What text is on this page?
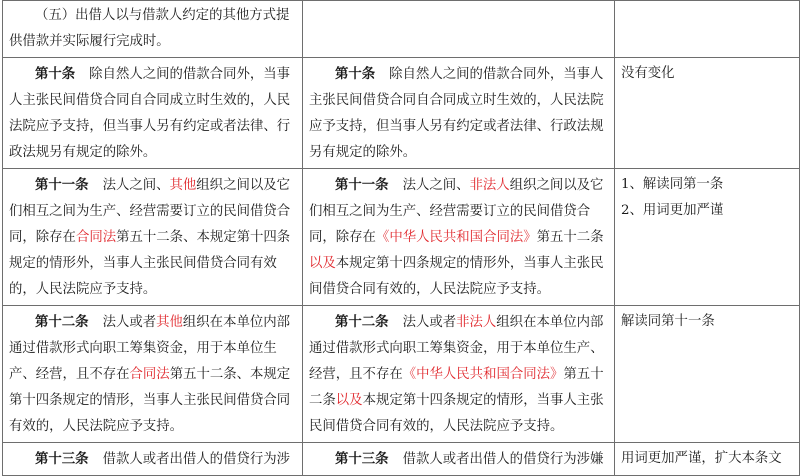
（五）出借人以与借款人约定的其他方式提供借款并实际履行完成时。		
第十条 除自然人之间的借款合同外，当事人主张民间借贷合同自合同成立时生效的，人民法院应予支持，但当事人另有约定或者法律、行政法规另有规定的除外。	第十条 除自然人之间的借款合同外，当事人主张民间借贷合同自合同成立时生效的，人民法院应予支持，但当事人另有约定或者法律、行政法规另有规定的除外。	没有变化

第十一条 法人之间、其他组织之间以及它们相互之间为生产、经营需要订立的民间借贷合同，除存在合同法第五十二条、本规定第十四条规定的情形外，当事人主张民间借贷合同有效的，人民法院应予支持。	第十一条 法人之间、非法人组织之间以及它们相互之间为生产、经营需要订立的民间借贷合同，除存在《中华人民共和国合同法》第五十二条以及本规定第十四条规定的情形外，当事人主张民间借贷合同有效的，人民法院应予支持。	1、解读同第一条
2、用词更加严谨

第十二条 法人或者其他组织在本单位内部通过借款形式向职工筹集资金，用于本单位生产、经营，且不存在合同法第五十二条、本规定第十四条规定的情形，当事人主张民间借贷合同有效的，人民法院应予支持。	第十二条 法人或者非法人组织在本单位内部通过借款形式向职工筹集资金，用于本单位生产、经营，且不存在《中华人民共和国合同法》第五十二条以及本规定第十四条规定的情形，当事人主张民间借贷合同有效的，人民法院应予支持。	解读同第十一条

第十三条 借款人或者出借人的借贷行为涉	第十三条 借款人或者出借人的借贷行为涉嫌	用词更加严谨，扩大本条文
